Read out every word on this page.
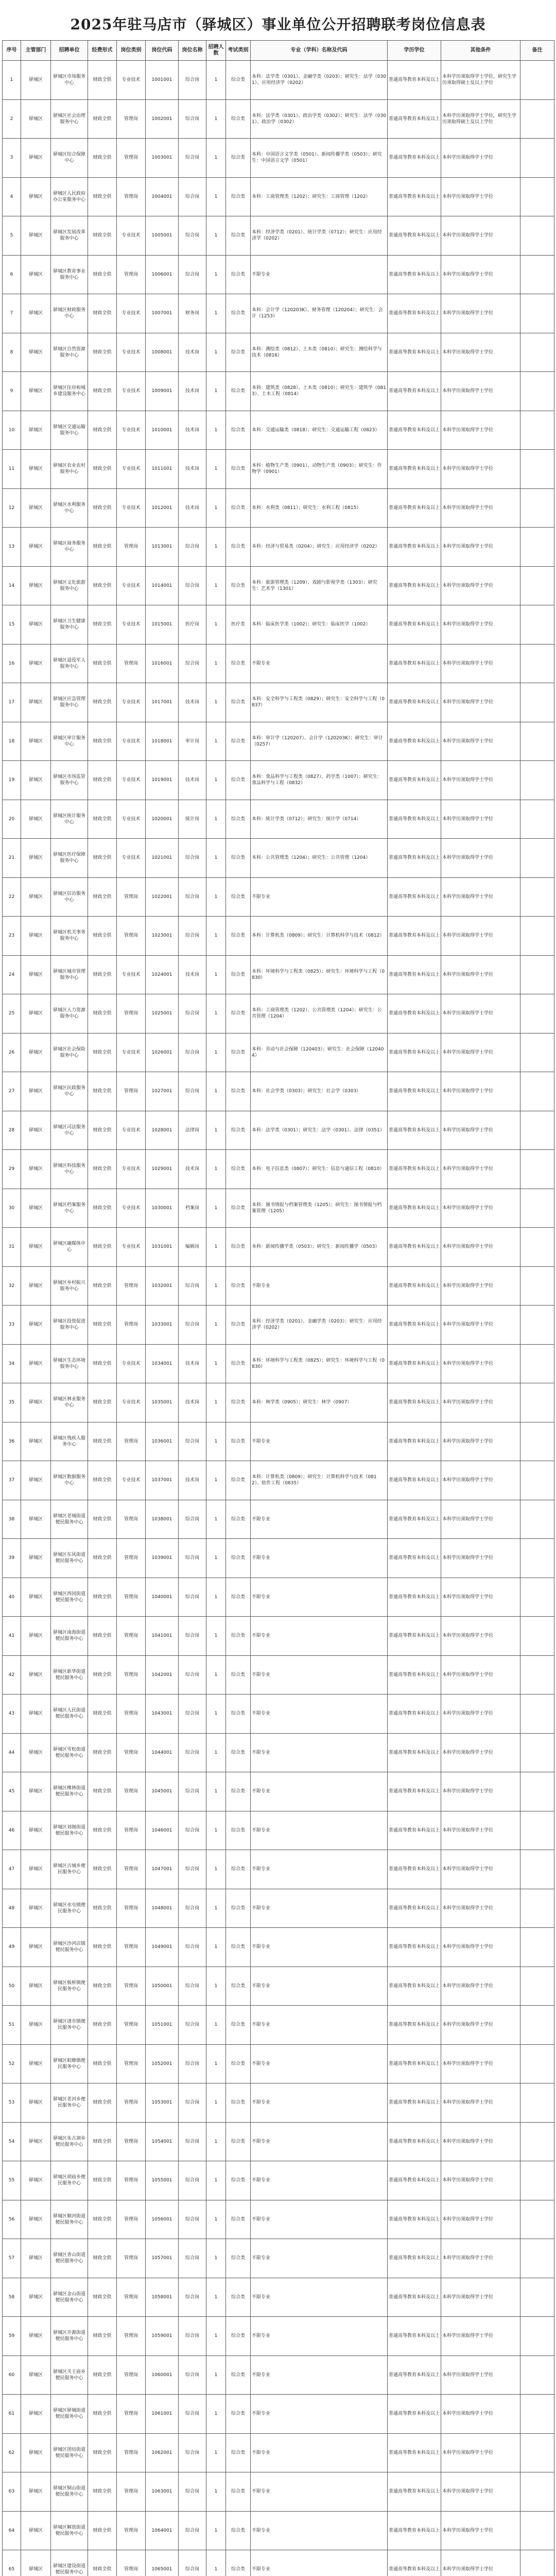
2025年驻马店市（驿城区）事业单位公开招聘联考岗位信息表
序号	主管部门	招聘单位	经费形式	岗位类别	岗位代码	岗位名称	招聘人数	考试类别	专业（学科）名称及代码	学历学位	其他条件	备注
1	驿城区	驿城区市场服务中心	财政全供	专业技术	1001001	综合岗	1	综合类	本科：法学类（0301）、金融学类（0203）；研究生：法学（0301）、应用经济学（0202）	普通高等教育本科及以上	本科学历须取得学士学位，研究生学历须取得硕士及以上学位	
2	驿城区	驿城区社会治理服务中心	财政全供	管理岗	1002001	综合岗	1	综合类	本科：法学类（0301）、政治学类（0302）；研究生：法学（0301）、政治学（0302）	普通高等教育本科及以上	本科学历须取得学士学位，研究生学历须取得硕士及以上学位	
3	驿城区	驿城区综合保障中心	财政全供	管理岗	1003001	综合岗	1	综合类	本科：中国语言文学类（0501）、新闻传播学类（0503）；研究生：中国语言文学（0501）	普通高等教育本科及以上	本科学历须取得学士学位	
4	驿城区	驿城区人民政府办公室服务中心	财政全供	管理岗	1004001	综合岗	1	综合类	本科：工商管理类（1202）；研究生：工商管理（1202）	普通高等教育本科及以上	本科学历须取得学士学位	
5	驿城区	驿城区发展改革服务中心	财政全供	专业技术	1005001	综合岗	1	综合类	本科：经济学类（0201）、统计学类（0712）；研究生：应用经济学（0202）	普通高等教育本科及以上	本科学历须取得学士学位	
6	驿城区	驿城区教育事业服务中心	财政全供	管理岗	1006001	综合岗	1	综合类	不限专业	普通高等教育本科及以上	本科学历须取得学士学位	
7	驿城区	驿城区财政服务中心	财政全供	专业技术	1007001	财务岗	1	综合类	本科：会计学（120203K）、财务管理（120204）；研究生：会计（1253）	普通高等教育本科及以上	本科学历须取得学士学位	
8	驿城区	驿城区自然资源服务中心	财政全供	专业技术	1008001	技术岗	1	综合类	本科：测绘类（0812）、土木类（0810）；研究生：测绘科学与技术（0816）	普通高等教育本科及以上	本科学历须取得学士学位	
9	驿城区	驿城区住房和城乡建设服务中心	财政全供	专业技术	1009001	技术岗	1	综合类	本科：建筑类（0828）、土木类（0810）；研究生：建筑学（0813）、土木工程（0814）	普通高等教育本科及以上	本科学历须取得学士学位	
10	驿城区	驿城区交通运输服务中心	财政全供	专业技术	1010001	技术岗	1	综合类	本科：交通运输类（0818）；研究生：交通运输工程（0823）	普通高等教育本科及以上	本科学历须取得学士学位	
11	驿城区	驿城区农业农村服务中心	财政全供	专业技术	1011001	技术岗	1	综合类	本科：植物生产类（0901）、动物生产类（0903）；研究生：作物学（0901）	普通高等教育本科及以上	本科学历须取得学士学位	
12	驿城区	驿城区水利服务中心	财政全供	专业技术	1012001	技术岗	1	综合类	本科：水利类（0811）；研究生：水利工程（0815）	普通高等教育本科及以上	本科学历须取得学士学位	
13	驿城区	驿城区商务服务中心	财政全供	管理岗	1013001	综合岗	1	综合类	本科：经济与贸易类（0204）；研究生：应用经济学（0202）	普通高等教育本科及以上	本科学历须取得学士学位	
14	驿城区	驿城区文化旅游服务中心	财政全供	专业技术	1014001	综合岗	1	综合类	本科：旅游管理类（1209）、戏剧与影视学类（1303）；研究生：艺术学（1301）	普通高等教育本科及以上	本科学历须取得学士学位	
15	驿城区	驿城区卫生健康服务中心	财政全供	专业技术	1015001	医疗岗	1	医疗类	本科：临床医学类（1002）；研究生：临床医学（1002）	普通高等教育本科及以上	本科学历须取得学士学位	
16	驿城区	驿城区退役军人服务中心	财政全供	管理岗	1016001	综合岗	1	综合类	不限专业	普通高等教育本科及以上	本科学历须取得学士学位	
17	驿城区	驿城区应急管理服务中心	财政全供	专业技术	1017001	技术岗	1	综合类	本科：安全科学与工程类（0829）；研究生：安全科学与工程（0837）	普通高等教育本科及以上	本科学历须取得学士学位	
18	驿城区	驿城区审计服务中心	财政全供	专业技术	1018001	审计岗	1	综合类	本科：审计学（120207）、会计学（120203K）；研究生：审计（0257）	普通高等教育本科及以上	本科学历须取得学士学位	
19	驿城区	驿城区市场监管服务中心	财政全供	专业技术	1019001	技术岗	1	综合类	本科：食品科学与工程类（0827）、药学类（1007）；研究生：食品科学与工程（0832）	普通高等教育本科及以上	本科学历须取得学士学位	
20	驿城区	驿城区统计服务中心	财政全供	专业技术	1020001	统计岗	1	综合类	本科：统计学类（0712）；研究生：统计学（0714）	普通高等教育本科及以上	本科学历须取得学士学位	
21	驿城区	驿城区医疗保障服务中心	财政全供	专业技术	1021001	综合岗	1	综合类	本科：公共管理类（1204）；研究生：公共管理（1204）	普通高等教育本科及以上	本科学历须取得学士学位	
22	驿城区	驿城区信访服务中心	财政全供	管理岗	1022001	综合岗	1	综合类	不限专业	普通高等教育本科及以上	本科学历须取得学士学位	
23	驿城区	驿城区机关事务服务中心	财政全供	管理岗	1023001	综合岗	1	综合类	本科：计算机类（0809）；研究生：计算机科学与技术（0812）	普通高等教育本科及以上	本科学历须取得学士学位	
24	驿城区	驿城区城市管理服务中心	财政全供	专业技术	1024001	技术岗	1	综合类	本科：环境科学与工程类（0825）；研究生：环境科学与工程（0830）	普通高等教育本科及以上	本科学历须取得学士学位	
25	驿城区	驿城区人力资源服务中心	财政全供	管理岗	1025001	综合岗	1	综合类	本科：工商管理类（1202）、公共管理类（1204）；研究生：公共管理（1204）	普通高等教育本科及以上	本科学历须取得学士学位	
26	驿城区	驿城区社会保险服务中心	财政全供	专业技术	1026001	综合岗	1	综合类	本科：劳动与社会保障（120403）；研究生：社会保障（120404）	普通高等教育本科及以上	本科学历须取得学士学位	
27	驿城区	驿城区民政服务中心	财政全供	管理岗	1027001	综合岗	1	综合类	本科：社会学类（0303）；研究生：社会学（0303）	普通高等教育本科及以上	本科学历须取得学士学位	
28	驿城区	驿城区司法服务中心	财政全供	专业技术	1028001	法律岗	1	综合类	本科：法学类（0301）；研究生：法学（0301）、法律（0351）	普通高等教育本科及以上	本科学历须取得学士学位	
29	驿城区	驿城区科技服务中心	财政全供	专业技术	1029001	技术岗	1	综合类	本科：电子信息类（0807）；研究生：信息与通信工程（0810）	普通高等教育本科及以上	本科学历须取得学士学位	
30	驿城区	驿城区档案服务中心	财政全供	专业技术	1030001	档案岗	1	综合类	本科：图书情报与档案管理类（1205）；研究生：图书情报与档案管理（1205）	普通高等教育本科及以上	本科学历须取得学士学位	
31	驿城区	驿城区融媒体中心	财政全供	专业技术	1031001	编辑岗	1	综合类	本科：新闻传播学类（0503）；研究生：新闻传播学（0503）	普通高等教育本科及以上	本科学历须取得学士学位	
32	驿城区	驿城区乡村振兴服务中心	财政全供	管理岗	1032001	综合岗	1	综合类	不限专业	普通高等教育本科及以上	本科学历须取得学士学位	
33	驿城区	驿城区投资促进服务中心	财政全供	管理岗	1033001	综合岗	1	综合类	本科：经济学类（0201）、金融学类（0203）；研究生：应用经济学（0202）	普通高等教育本科及以上	本科学历须取得学士学位	
34	驿城区	驿城区生态环境服务中心	财政全供	专业技术	1034001	技术岗	1	综合类	本科：环境科学与工程类（0825）；研究生：环境科学与工程（0830）	普通高等教育本科及以上	本科学历须取得学士学位	
35	驿城区	驿城区林业服务中心	财政全供	专业技术	1035001	技术岗	1	综合类	本科：林学类（0905）；研究生：林学（0907）	普通高等教育本科及以上	本科学历须取得学士学位	
36	驿城区	驿城区残疾人服务中心	财政全供	管理岗	1036001	综合岗	1	综合类	不限专业	普通高等教育本科及以上	本科学历须取得学士学位	
37	驿城区	驿城区数据服务中心	财政全供	专业技术	1037001	技术岗	1	综合类	本科：计算机类（0809）；研究生：计算机科学与技术（0812）、软件工程（0835）	普通高等教育本科及以上	本科学历须取得学士学位	
38	驿城区	驿城区老城街道便民服务中心	财政全供	管理岗	1038001	综合岗	1	综合类	不限专业	普通高等教育本科及以上	本科学历须取得学士学位	
39	驿城区	驿城区东风街道便民服务中心	财政全供	管理岗	1039001	综合岗	1	综合类	不限专业	普通高等教育本科及以上	本科学历须取得学士学位	
40	驿城区	驿城区西园街道便民服务中心	财政全供	管理岗	1040001	综合岗	1	综合类	不限专业	普通高等教育本科及以上	本科学历须取得学士学位	
41	驿城区	驿城区南海街道便民服务中心	财政全供	管理岗	1041001	综合岗	1	综合类	不限专业	普通高等教育本科及以上	本科学历须取得学士学位	
42	驿城区	驿城区新华街道便民服务中心	财政全供	管理岗	1042001	综合岗	1	综合类	不限专业	普通高等教育本科及以上	本科学历须取得学士学位	
43	驿城区	驿城区人民街道便民服务中心	财政全供	管理岗	1043001	综合岗	1	综合类	不限专业	普通高等教育本科及以上	本科学历须取得学士学位	
44	驿城区	驿城区雪松街道便民服务中心	财政全供	管理岗	1044001	综合岗	1	综合类	不限专业	普通高等教育本科及以上	本科学历须取得学士学位	
45	驿城区	驿城区橡林街道便民服务中心	财政全供	管理岗	1045001	综合岗	1	综合类	不限专业	普通高等教育本科及以上	本科学历须取得学士学位	
46	驿城区	驿城区刘阁街道便民服务中心	财政全供	管理岗	1046001	综合岗	1	综合类	不限专业	普通高等教育本科及以上	本科学历须取得学士学位	
47	驿城区	驿城区古城乡便民服务中心	财政全供	管理岗	1047001	综合岗	1	综合类	不限专业	普通高等教育本科及以上	本科学历须取得学士学位	
48	驿城区	驿城区水屯镇便民服务中心	财政全供	管理岗	1048001	综合岗	1	综合类	不限专业	普通高等教育本科及以上	本科学历须取得学士学位	
49	驿城区	驿城区沙河店镇便民服务中心	财政全供	管理岗	1049001	综合岗	1	综合类	不限专业	普通高等教育本科及以上	本科学历须取得学士学位	
50	驿城区	驿城区板桥镇便民服务中心	财政全供	管理岗	1050001	综合岗	1	综合类	不限专业	普通高等教育本科及以上	本科学历须取得学士学位	
51	驿城区	驿城区诸市镇便民服务中心	财政全供	管理岗	1051001	综合岗	1	综合类	不限专业	普通高等教育本科及以上	本科学历须取得学士学位	
52	驿城区	驿城区蚁蜂镇便民服务中心	财政全供	管理岗	1052001	综合岗	1	综合类	不限专业	普通高等教育本科及以上	本科学历须取得学士学位	
53	驿城区	驿城区老河乡便民服务中心	财政全供	管理岗	1053001	综合岗	1	综合类	不限专业	普通高等教育本科及以上	本科学历须取得学士学位	
54	驿城区	驿城区朱古洞乡便民服务中心	财政全供	管理岗	1054001	综合岗	1	综合类	不限专业	普通高等教育本科及以上	本科学历须取得学士学位	
55	驿城区	驿城区胡庙乡便民服务中心	财政全供	管理岗	1055001	综合岗	1	综合类	不限专业	普通高等教育本科及以上	本科学历须取得学士学位	
56	驿城区	驿城区顺河街道便民服务中心	财政全供	管理岗	1056001	综合岗	1	综合类	不限专业	普通高等教育本科及以上	本科学历须取得学士学位	
57	驿城区	驿城区香山街道便民服务中心	财政全供	管理岗	1057001	综合岗	1	综合类	不限专业	普通高等教育本科及以上	本科学历须取得学士学位	
58	驿城区	驿城区金山街道便民服务中心	财政全供	管理岗	1058001	综合岗	1	综合类	不限专业	普通高等教育本科及以上	本科学历须取得学士学位	
59	驿城区	驿城区开源街道便民服务中心	财政全供	管理岗	1059001	综合岗	1	综合类	不限专业	普通高等教育本科及以上	本科学历须取得学士学位	
60	驿城区	驿城区关王庙乡便民服务中心	财政全供	管理岗	1060001	综合岗	1	综合类	不限专业	普通高等教育本科及以上	本科学历须取得学士学位	
61	驿城区	驿城区驿城街道便民服务中心	财政全供	管理岗	1061001	综合岗	1	综合类	不限专业	普通高等教育本科及以上	本科学历须取得学士学位	
62	驿城区	驿城区团结街道便民服务中心	财政全供	管理岗	1062001	综合岗	1	综合类	不限专业	普通高等教育本科及以上	本科学历须取得学士学位	
63	驿城区	驿城区铜山街道便民服务中心	财政全供	管理岗	1063001	综合岗	1	综合类	不限专业	普通高等教育本科及以上	本科学历须取得学士学位	
64	驿城区	驿城区解放街道便民服务中心	财政全供	管理岗	1064001	综合岗	1	综合类	不限专业	普通高等教育本科及以上	本科学历须取得学士学位	
65	驿城区	驿城区建设街道便民服务中心	财政全供	管理岗	1065001	综合岗	1	综合类	不限专业	普通高等教育本科及以上	本科学历须取得学士学位	
